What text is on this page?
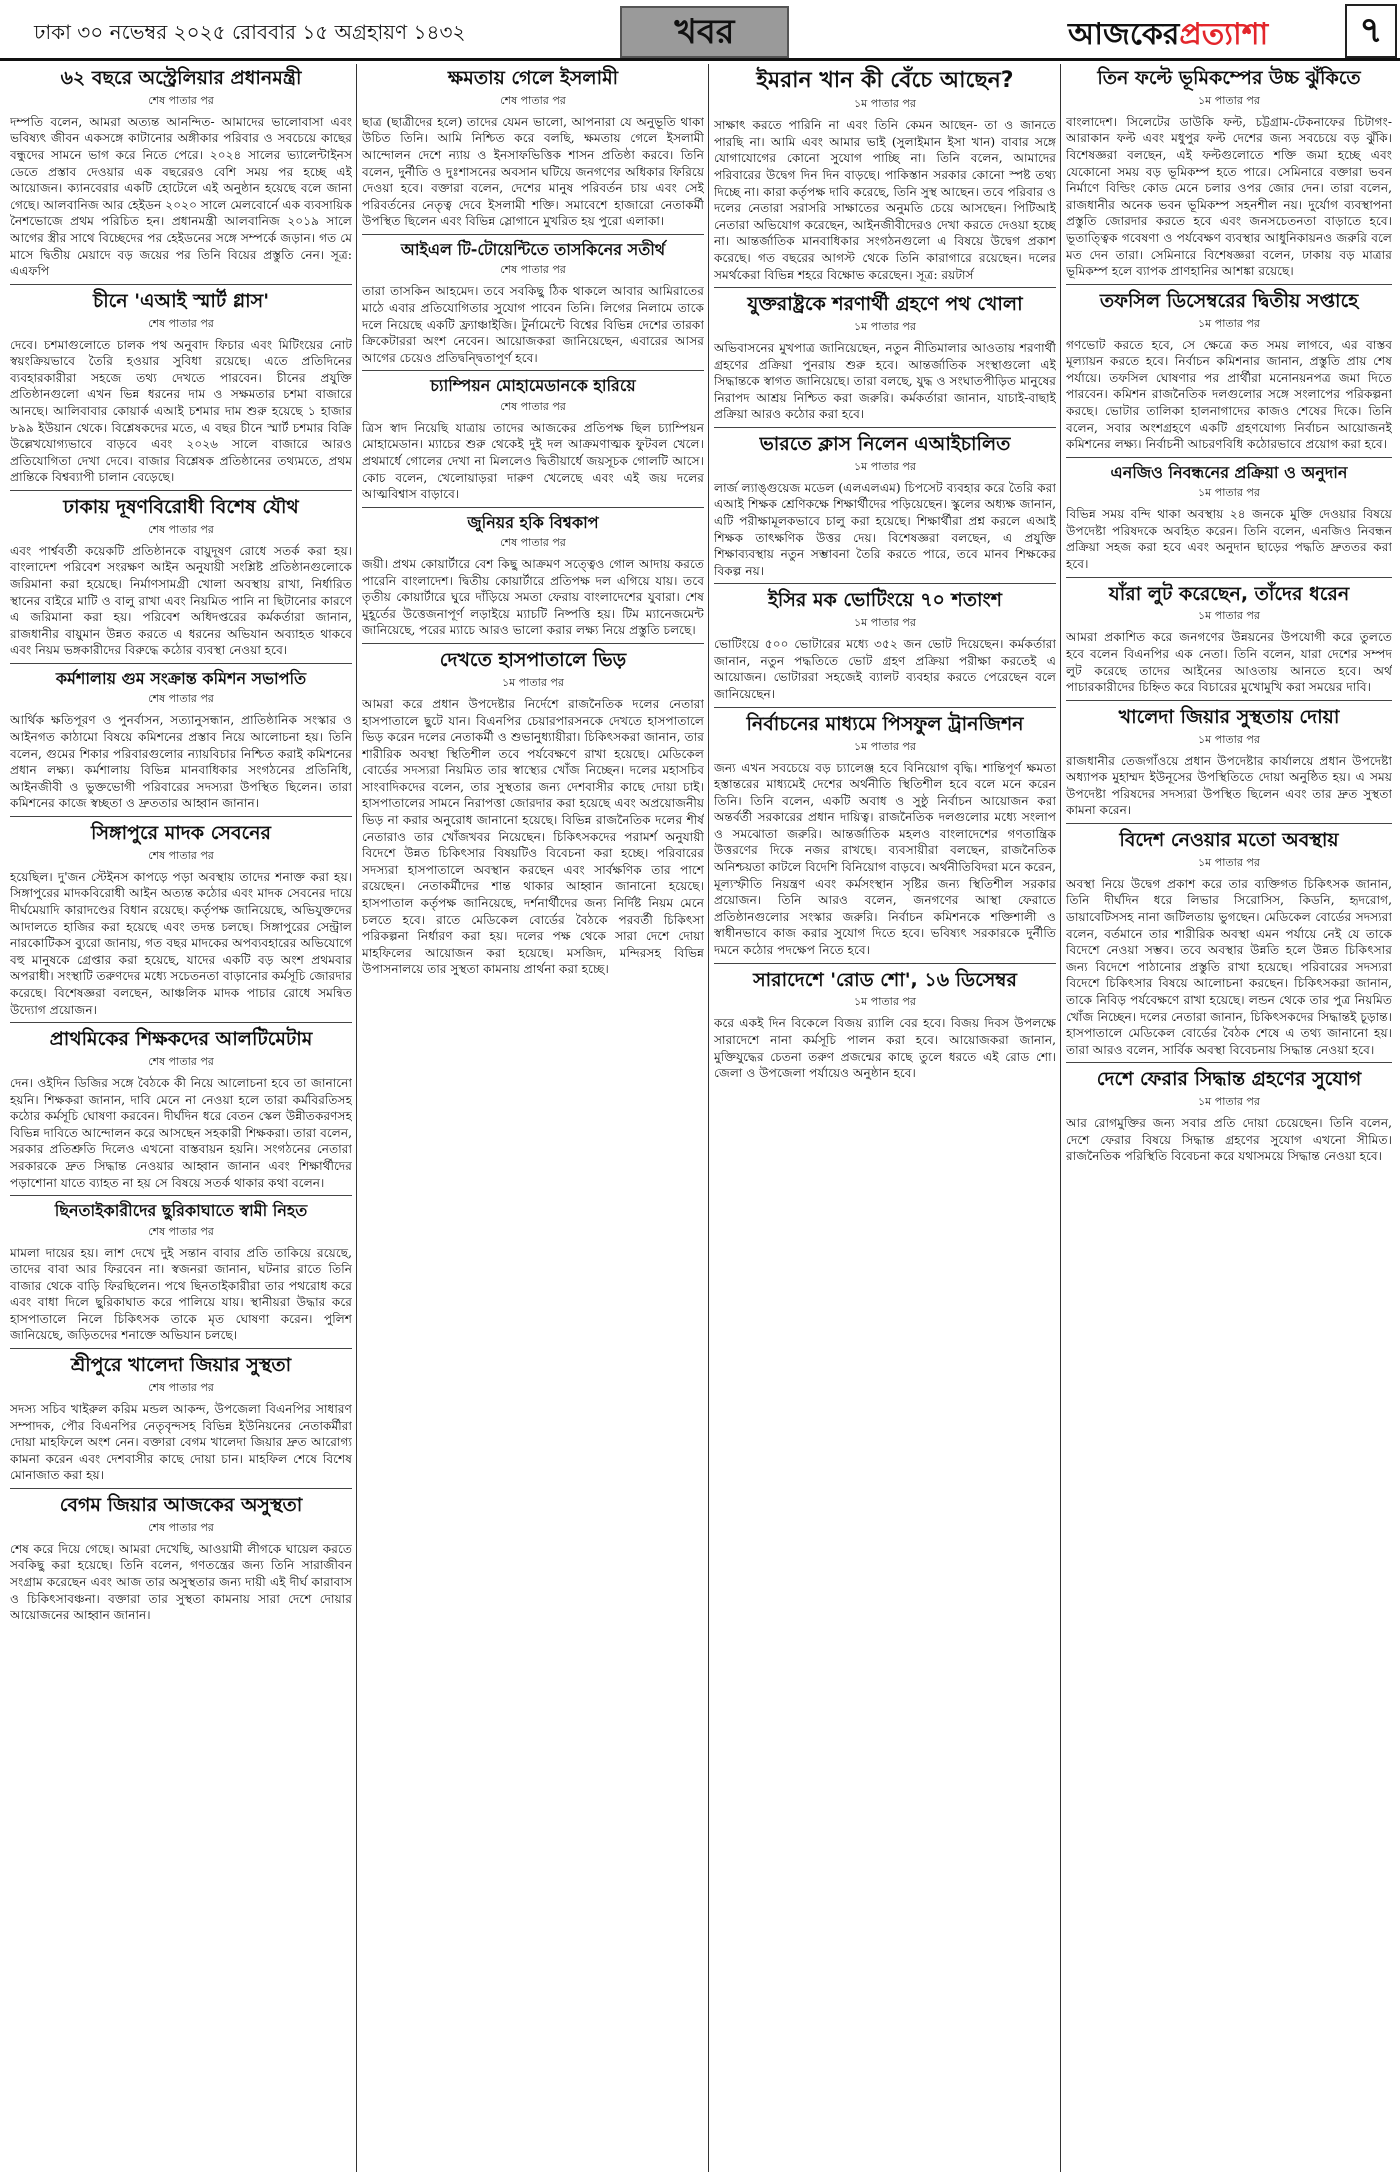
ঢাকা ৩০ নভেম্বর ২০২৫ রোববার ১৫ অগ্রহায়ণ ১৪৩২	খবর	আজকেরপ্রত্যাশা	৭
৬২ বছরে অস্ট্রেলিয়ার প্রধানমন্ত্রী
শেষ পাতার পর

দম্পতি বলেন, আমরা অত্যন্ত আনন্দিত- আমাদের ভালোবাসা এবং ভবিষ্যৎ জীবন একসঙ্গে কাটানোর অঙ্গীকার পরিবার ও সবচেয়ে কাছের বন্ধুদের সামনে ভাগ করে নিতে পেরে। ২০২৪ সালের ভ্যালেন্টাইনস ডেতে প্রস্তাব দেওয়ার এক বছরেরও বেশি সময় পর হচ্ছে এই আয়োজন। ক্যানবেরার একটি হোটেলে এই অনুষ্ঠান হয়েছে বলে জানা গেছে। আলবানিজ আর হেইডন ২০২০ সালে মেলবোর্নে এক ব্যবসায়িক নৈশভোজে প্রথম পরিচিত হন। প্রধানমন্ত্রী আলবানিজ ২০১৯ সালে আগের স্ত্রীর সাথে বিচ্ছেদের পর হেইডনের সঙ্গে সম্পর্কে জড়ান। গত মে মাসে দ্বিতীয় মেয়াদে বড় জয়ের পর তিনি বিয়ের প্রস্তুতি নেন। সূত্র: এএফপি

চীনে 'এআই স্মার্ট গ্লাস'
শেষ পাতার পর

দেবে। চশমাগুলোতে চালক পথ অনুবাদ ফিচার এবং মিটিংয়ের নোট স্বয়ংক্রিয়ভাবে তৈরি হওয়ার সুবিধা রয়েছে। এতে প্রতিদিনের ব্যবহারকারীরা সহজে তথ্য দেখতে পারবেন। চীনের প্রযুক্তি প্রতিষ্ঠানগুলো এখন ভিন্ন ধরনের দাম ও সক্ষমতার চশমা বাজারে আনছে। আলিবাবার কোয়ার্ক এআই চশমার দাম শুরু হয়েছে ১ হাজার ৮৯৯ ইউয়ান থেকে। বিশ্লেষকদের মতে, এ বছর চীনে স্মার্ট চশমার বিক্রি উল্লেখযোগ্যভাবে বাড়বে এবং ২০২৬ সালে বাজারে আরও প্রতিযোগিতা দেখা দেবে। বাজার বিশ্লেষক প্রতিষ্ঠানের তথ্যমতে, প্রথম প্রান্তিকে বিশ্বব্যাপী চালান বেড়েছে।

ঢাকায় দূষণবিরোধী বিশেষ যৌথ
শেষ পাতার পর

এবং পার্শ্ববর্তী কয়েকটি প্রতিষ্ঠানকে বায়ুদূষণ রোধে সতর্ক করা হয়। বাংলাদেশ পরিবেশ সংরক্ষণ আইন অনুযায়ী সংশ্লিষ্ট প্রতিষ্ঠানগুলোকে জরিমানা করা হয়েছে। নির্মাণসামগ্রী খোলা অবস্থায় রাখা, নির্ধারিত স্থানের বাইরে মাটি ও বালু রাখা এবং নিয়মিত পানি না ছিটানোর কারণে এ জরিমানা করা হয়। পরিবেশ অধিদপ্তরের কর্মকর্তারা জানান, রাজধানীর বায়ুমান উন্নত করতে এ ধরনের অভিযান অব্যাহত থাকবে এবং নিয়ম ভঙ্গকারীদের বিরুদ্ধে কঠোর ব্যবস্থা নেওয়া হবে।

কর্মশালায় গুম সংক্রান্ত কমিশন সভাপতি
শেষ পাতার পর

আর্থিক ক্ষতিপূরণ ও পুনর্বাসন, সত্যানুসন্ধান, প্রাতিষ্ঠানিক সংস্কার ও আইনগত কাঠামো বিষয়ে কমিশনের প্রস্তাব নিয়ে আলোচনা হয়। তিনি বলেন, গুমের শিকার পরিবারগুলোর ন্যায়বিচার নিশ্চিত করাই কমিশনের প্রধান লক্ষ্য। কর্মশালায় বিভিন্ন মানবাধিকার সংগঠনের প্রতিনিধি, আইনজীবী ও ভুক্তভোগী পরিবারের সদস্যরা উপস্থিত ছিলেন। তারা কমিশনের কাজে স্বচ্ছতা ও দ্রুততার আহ্বান জানান।

সিঙ্গাপুরে মাদক সেবনের
শেষ পাতার পর

হয়েছিল। দু'জন স্টেইনস কাপড়ে পড়া অবস্থায় তাদের শনাক্ত করা হয়। সিঙ্গাপুরের মাদকবিরোধী আইন অত্যন্ত কঠোর এবং মাদক সেবনের দায়ে দীর্ঘমেয়াদি কারাদণ্ডের বিধান রয়েছে। কর্তৃপক্ষ জানিয়েছে, অভিযুক্তদের আদালতে হাজির করা হয়েছে এবং তদন্ত চলছে। সিঙ্গাপুরের সেন্ট্রাল নারকোটিকস ব্যুরো জানায়, গত বছর মাদকের অপব্যবহারের অভিযোগে বহু মানুষকে গ্রেপ্তার করা হয়েছে, যাদের একটি বড় অংশ প্রথমবার অপরাধী। সংস্থাটি তরুণদের মধ্যে সচেতনতা বাড়ানোর কর্মসূচি জোরদার করেছে। বিশেষজ্ঞরা বলছেন, আঞ্চলিক মাদক পাচার রোধে সমন্বিত উদ্যোগ প্রয়োজন।

প্রাথমিকের শিক্ষকদের আলটিমেটাম
শেষ পাতার পর

দেন। ওইদিন ডিজির সঙ্গে বৈঠকে কী নিয়ে আলোচনা হবে তা জানানো হয়নি। শিক্ষকরা জানান, দাবি মেনে না নেওয়া হলে তারা কর্মবিরতিসহ কঠোর কর্মসূচি ঘোষণা করবেন। দীর্ঘদিন ধরে বেতন স্কেল উন্নীতকরণসহ বিভিন্ন দাবিতে আন্দোলন করে আসছেন সহকারী শিক্ষকরা। তারা বলেন, সরকার প্রতিশ্রুতি দিলেও এখনো বাস্তবায়ন হয়নি। সংগঠনের নেতারা সরকারকে দ্রুত সিদ্ধান্ত নেওয়ার আহ্বান জানান এবং শিক্ষার্থীদের পড়াশোনা যাতে ব্যাহত না হয় সে বিষয়ে সতর্ক থাকার কথা বলেন।

ছিনতাইকারীদের ছুরিকাঘাতে স্বামী নিহত
শেষ পাতার পর

মামলা দায়ের হয়। লাশ দেখে দুই সন্তান বাবার প্রতি তাকিয়ে রয়েছে, তাদের বাবা আর ফিরবেন না। স্বজনরা জানান, ঘটনার রাতে তিনি বাজার থেকে বাড়ি ফিরছিলেন। পথে ছিনতাইকারীরা তার পথরোধ করে এবং বাধা দিলে ছুরিকাঘাত করে পালিয়ে যায়। স্থানীয়রা উদ্ধার করে হাসপাতালে নিলে চিকিৎসক তাকে মৃত ঘোষণা করেন। পুলিশ জানিয়েছে, জড়িতদের শনাক্তে অভিযান চলছে।

শ্রীপুরে খালেদা জিয়ার সুস্থতা
শেষ পাতার পর

সদস্য সচিব খাইরুল করিম মন্ডল আকন্দ, উপজেলা বিএনপির সাধারণ সম্পাদক, পৌর বিএনপির নেতৃবৃন্দসহ বিভিন্ন ইউনিয়নের নেতাকর্মীরা দোয়া মাহফিলে অংশ নেন। বক্তারা বেগম খালেদা জিয়ার দ্রুত আরোগ্য কামনা করেন এবং দেশবাসীর কাছে দোয়া চান। মাহফিল শেষে বিশেষ মোনাজাত করা হয়।

বেগম জিয়ার আজকের অসুস্থতা
শেষ পাতার পর

শেষ করে দিয়ে গেছে। আমরা দেখেছি, আওয়ামী লীগকে ঘায়েল করতে সবকিছু করা হয়েছে। তিনি বলেন, গণতন্ত্রের জন্য তিনি সারাজীবন সংগ্রাম করেছেন এবং আজ তার অসুস্থতার জন্য দায়ী এই দীর্ঘ কারাবাস ও চিকিৎসাবঞ্চনা। বক্তারা তার সুস্থতা কামনায় সারা দেশে দোয়ার আয়োজনের আহ্বান জানান।

ক্ষমতায় গেলে ইসলামী
শেষ পাতার পর

ছাত্র (ছাত্রীদের হলে) তাদের যেমন ভালো, আপনারা যে অনুভূতি থাকা উচিত তিনি। আমি নিশ্চিত করে বলছি, ক্ষমতায় গেলে ইসলামী আন্দোলন দেশে ন্যায় ও ইনসাফভিত্তিক শাসন প্রতিষ্ঠা করবে। তিনি বলেন, দুর্নীতি ও দুঃশাসনের অবসান ঘটিয়ে জনগণের অধিকার ফিরিয়ে দেওয়া হবে। বক্তারা বলেন, দেশের মানুষ পরিবর্তন চায় এবং সেই পরিবর্তনের নেতৃত্ব দেবে ইসলামী শক্তি। সমাবেশে হাজারো নেতাকর্মী উপস্থিত ছিলেন এবং বিভিন্ন স্লোগানে মুখরিত হয় পুরো এলাকা।

আইএল টি-টোয়েন্টিতে তাসকিনের সতীর্থ
শেষ পাতার পর

তারা তাসকিন আহমেদ। তবে সবকিছু ঠিক থাকলে আবার আমিরাতের মাঠে এবার প্রতিযোগিতার সুযোগ পাবেন তিনি। লিগের নিলামে তাকে দলে নিয়েছে একটি ফ্র্যাঞ্চাইজি। টুর্নামেন্টে বিশ্বের বিভিন্ন দেশের তারকা ক্রিকেটাররা অংশ নেবেন। আয়োজকরা জানিয়েছেন, এবারের আসর আগের চেয়েও প্রতিদ্বন্দ্বিতাপূর্ণ হবে।

চ্যাম্পিয়ন মোহামেডানকে হারিয়ে
শেষ পাতার পর

ত্রিস স্বাদ নিয়েছি যাত্রায় তাদের আজকের প্রতিপক্ষ ছিল চ্যাম্পিয়ন মোহামেডান। ম্যাচের শুরু থেকেই দুই দল আক্রমণাত্মক ফুটবল খেলে। প্রথমার্ধে গোলের দেখা না মিললেও দ্বিতীয়ার্ধে জয়সূচক গোলটি আসে। কোচ বলেন, খেলোয়াড়রা দারুণ খেলেছে এবং এই জয় দলের আত্মবিশ্বাস বাড়াবে।

জুনিয়র হকি বিশ্বকাপ
শেষ পাতার পর

জয়ী। প্রথম কোয়ার্টারে বেশ কিছু আক্রমণ সত্ত্বেও গোল আদায় করতে পারেনি বাংলাদেশ। দ্বিতীয় কোয়ার্টারে প্রতিপক্ষ দল এগিয়ে যায়। তবে তৃতীয় কোয়ার্টারে ঘুরে দাঁড়িয়ে সমতা ফেরায় বাংলাদেশের যুবারা। শেষ মুহূর্তের উত্তেজনাপূর্ণ লড়াইয়ে ম্যাচটি নিষ্পত্তি হয়। টিম ম্যানেজমেন্ট জানিয়েছে, পরের ম্যাচে আরও ভালো করার লক্ষ্য নিয়ে প্রস্তুতি চলছে।

দেখতে হাসপাতালে ভিড়
১ম পাতার পর

আমরা করে প্রধান উপদেষ্টার নির্দেশে রাজনৈতিক দলের নেতারা হাসপাতালে ছুটে যান। বিএনপির চেয়ারপারসনকে দেখতে হাসপাতালে ভিড় করেন দলের নেতাকর্মী ও শুভানুধ্যায়ীরা। চিকিৎসকরা জানান, তার শারীরিক অবস্থা স্থিতিশীল তবে পর্যবেক্ষণে রাখা হয়েছে। মেডিকেল বোর্ডের সদস্যরা নিয়মিত তার স্বাস্থ্যের খোঁজ নিচ্ছেন। দলের মহাসচিব সাংবাদিকদের বলেন, তার সুস্থতার জন্য দেশবাসীর কাছে দোয়া চাই। হাসপাতালের সামনে নিরাপত্তা জোরদার করা হয়েছে এবং অপ্রয়োজনীয় ভিড় না করার অনুরোধ জানানো হয়েছে। বিভিন্ন রাজনৈতিক দলের শীর্ষ নেতারাও তার খোঁজখবর নিয়েছেন। চিকিৎসকদের পরামর্শ অনুযায়ী বিদেশে উন্নত চিকিৎসার বিষয়টিও বিবেচনা করা হচ্ছে। পরিবারের সদস্যরা হাসপাতালে অবস্থান করছেন এবং সার্বক্ষণিক তার পাশে রয়েছেন। নেতাকর্মীদের শান্ত থাকার আহ্বান জানানো হয়েছে। হাসপাতাল কর্তৃপক্ষ জানিয়েছে, দর্শনার্থীদের জন্য নির্দিষ্ট নিয়ম মেনে চলতে হবে। রাতে মেডিকেল বোর্ডের বৈঠকে পরবর্তী চিকিৎসা পরিকল্পনা নির্ধারণ করা হয়। দলের পক্ষ থেকে সারা দেশে দোয়া মাহফিলের আয়োজন করা হয়েছে। মসজিদ, মন্দিরসহ বিভিন্ন উপাসনালয়ে তার সুস্থতা কামনায় প্রার্থনা করা হচ্ছে।

ইমরান খান কী বেঁচে আছেন?
১ম পাতার পর

সাক্ষাৎ করতে পারিনি না এবং তিনি কেমন আছেন- তা ও জানতে পারছি না। আমি এবং আমার ভাই (সুলাইমান ইসা খান) বাবার সঙ্গে যোগাযোগের কোনো সুযোগ পাচ্ছি না। তিনি বলেন, আমাদের পরিবারের উদ্বেগ দিন দিন বাড়ছে। পাকিস্তান সরকার কোনো স্পষ্ট তথ্য দিচ্ছে না। কারা কর্তৃপক্ষ দাবি করেছে, তিনি সুস্থ আছেন। তবে পরিবার ও দলের নেতারা সরাসরি সাক্ষাতের অনুমতি চেয়ে আসছেন। পিটিআই নেতারা অভিযোগ করেছেন, আইনজীবীদেরও দেখা করতে দেওয়া হচ্ছে না। আন্তর্জাতিক মানবাধিকার সংগঠনগুলো এ বিষয়ে উদ্বেগ প্রকাশ করেছে। গত বছরের আগস্ট থেকে তিনি কারাগারে রয়েছেন। দলের সমর্থকেরা বিভিন্ন শহরে বিক্ষোভ করেছেন। সূত্র: রয়টার্স

যুক্তরাষ্ট্রকে শরণার্থী গ্রহণে পথ খোলা
১ম পাতার পর

অভিবাসনের মুখপাত্র জানিয়েছেন, নতুন নীতিমালার আওতায় শরণার্থী গ্রহণের প্রক্রিয়া পুনরায় শুরু হবে। আন্তর্জাতিক সংস্থাগুলো এই সিদ্ধান্তকে স্বাগত জানিয়েছে। তারা বলছে, যুদ্ধ ও সংঘাতপীড়িত মানুষের নিরাপদ আশ্রয় নিশ্চিত করা জরুরি। কর্মকর্তারা জানান, যাচাই-বাছাই প্রক্রিয়া আরও কঠোর করা হবে।

ভারতে ক্লাস নিলেন এআইচালিত
১ম পাতার পর

লার্জ ল্যাঙ্গুয়েজ মডেল (এলএলএম) চিপসেট ব্যবহার করে তৈরি করা এআই শিক্ষক শ্রেণিকক্ষে শিক্ষার্থীদের পড়িয়েছেন। স্কুলের অধ্যক্ষ জানান, এটি পরীক্ষামূলকভাবে চালু করা হয়েছে। শিক্ষার্থীরা প্রশ্ন করলে এআই শিক্ষক তাৎক্ষণিক উত্তর দেয়। বিশেষজ্ঞরা বলছেন, এ প্রযুক্তি শিক্ষাব্যবস্থায় নতুন সম্ভাবনা তৈরি করতে পারে, তবে মানব শিক্ষকের বিকল্প নয়।

ইসির মক ভোটিংয়ে ৭০ শতাংশ
১ম পাতার পর

ভোটিংয়ে ৫০০ ভোটারের মধ্যে ৩৫২ জন ভোট দিয়েছেন। কর্মকর্তারা জানান, নতুন পদ্ধতিতে ভোট গ্রহণ প্রক্রিয়া পরীক্ষা করতেই এ আয়োজন। ভোটাররা সহজেই ব্যালট ব্যবহার করতে পেরেছেন বলে জানিয়েছেন।

নির্বাচনের মাধ্যমে পিসফুল ট্রানজিশন
১ম পাতার পর

জন্য এখন সবচেয়ে বড় চ্যালেঞ্জ হবে বিনিয়োগ বৃদ্ধি। শান্তিপূর্ণ ক্ষমতা হস্তান্তরের মাধ্যমেই দেশের অর্থনীতি স্থিতিশীল হবে বলে মনে করেন তিনি। তিনি বলেন, একটি অবাধ ও সুষ্ঠু নির্বাচন আয়োজন করা অন্তর্বর্তী সরকারের প্রধান দায়িত্ব। রাজনৈতিক দলগুলোর মধ্যে সংলাপ ও সমঝোতা জরুরি। আন্তর্জাতিক মহলও বাংলাদেশের গণতান্ত্রিক উত্তরণের দিকে নজর রাখছে। ব্যবসায়ীরা বলছেন, রাজনৈতিক অনিশ্চয়তা কাটলে বিদেশি বিনিয়োগ বাড়বে। অর্থনীতিবিদরা মনে করেন, মূল্যস্ফীতি নিয়ন্ত্রণ এবং কর্মসংস্থান সৃষ্টির জন্য স্থিতিশীল সরকার প্রয়োজন। তিনি আরও বলেন, জনগণের আস্থা ফেরাতে প্রতিষ্ঠানগুলোর সংস্কার জরুরি। নির্বাচন কমিশনকে শক্তিশালী ও স্বাধীনভাবে কাজ করার সুযোগ দিতে হবে। ভবিষ্যৎ সরকারকে দুর্নীতি দমনে কঠোর পদক্ষেপ নিতে হবে।

সারাদেশে 'রোড শো', ১৬ ডিসেম্বর
১ম পাতার পর

করে একই দিন বিকেলে বিজয় র‍্যালি বের হবে। বিজয় দিবস উপলক্ষে সারাদেশে নানা কর্মসূচি পালন করা হবে। আয়োজকরা জানান, মুক্তিযুদ্ধের চেতনা তরুণ প্রজন্মের কাছে তুলে ধরতে এই রোড শো। জেলা ও উপজেলা পর্যায়েও অনুষ্ঠান হবে।

তিন ফল্টে ভূমিকম্পের উচ্চ ঝুঁকিতে
১ম পাতার পর

বাংলাদেশ। সিলেটের ডাউকি ফল্ট, চট্টগ্রাম-টেকনাফের চিটাগং-আরাকান ফল্ট এবং মধুপুর ফল্ট দেশের জন্য সবচেয়ে বড় ঝুঁকি। বিশেষজ্ঞরা বলছেন, এই ফল্টগুলোতে শক্তি জমা হচ্ছে এবং যেকোনো সময় বড় ভূমিকম্প হতে পারে। সেমিনারে বক্তারা ভবন নির্মাণে বিল্ডিং কোড মেনে চলার ওপর জোর দেন। তারা বলেন, রাজধানীর অনেক ভবন ভূমিকম্প সহনশীল নয়। দুর্যোগ ব্যবস্থাপনা প্রস্তুতি জোরদার করতে হবে এবং জনসচেতনতা বাড়াতে হবে। ভূতাত্ত্বিক গবেষণা ও পর্যবেক্ষণ ব্যবস্থার আধুনিকায়নও জরুরি বলে মত দেন তারা। সেমিনারে বিশেষজ্ঞরা বলেন, ঢাকায় বড় মাত্রার ভূমিকম্প হলে ব্যাপক প্রাণহানির আশঙ্কা রয়েছে।

তফসিল ডিসেম্বরের দ্বিতীয় সপ্তাহে
১ম পাতার পর

গণভোট করতে হবে, সে ক্ষেত্রে কত সময় লাগবে, এর বাস্তব মূল্যায়ন করতে হবে। নির্বাচন কমিশনার জানান, প্রস্তুতি প্রায় শেষ পর্যায়ে। তফসিল ঘোষণার পর প্রার্থীরা মনোনয়নপত্র জমা দিতে পারবেন। কমিশন রাজনৈতিক দলগুলোর সঙ্গে সংলাপের পরিকল্পনা করছে। ভোটার তালিকা হালনাগাদের কাজও শেষের দিকে। তিনি বলেন, সবার অংশগ্রহণে একটি গ্রহণযোগ্য নির্বাচন আয়োজনই কমিশনের লক্ষ্য। নির্বাচনী আচরণবিধি কঠোরভাবে প্রয়োগ করা হবে।

এনজিও নিবন্ধনের প্রক্রিয়া ও অনুদান
১ম পাতার পর

বিভিন্ন সময় বন্দি থাকা অবস্থায় ২৪ জনকে মুক্তি দেওয়ার বিষয়ে উপদেষ্টা পরিষদকে অবহিত করেন। তিনি বলেন, এনজিও নিবন্ধন প্রক্রিয়া সহজ করা হবে এবং অনুদান ছাড়ের পদ্ধতি দ্রুততর করা হবে।

যাঁরা লুট করেছেন, তাঁদের ধরেন
১ম পাতার পর

আমরা প্রকাশিত করে জনগণের উন্নয়নের উপযোগী করে তুলতে হবে বলেন বিএনপির এক নেতা। তিনি বলেন, যারা দেশের সম্পদ লুট করেছে তাদের আইনের আওতায় আনতে হবে। অর্থ পাচারকারীদের চিহ্নিত করে বিচারের মুখোমুখি করা সময়ের দাবি।

খালেদা জিয়ার সুস্থতায় দোয়া
১ম পাতার পর

রাজধানীর তেজগাঁওয়ে প্রধান উপদেষ্টার কার্যালয়ে প্রধান উপদেষ্টা অধ্যাপক মুহাম্মদ ইউনূসের উপস্থিতিতে দোয়া অনুষ্ঠিত হয়। এ সময় উপদেষ্টা পরিষদের সদস্যরা উপস্থিত ছিলেন এবং তার দ্রুত সুস্থতা কামনা করেন।

বিদেশ নেওয়ার মতো অবস্থায়
১ম পাতার পর

অবস্থা নিয়ে উদ্বেগ প্রকাশ করে তার ব্যক্তিগত চিকিৎসক জানান, তিনি দীর্ঘদিন ধরে লিভার সিরোসিস, কিডনি, হৃদরোগ, ডায়াবেটিসসহ নানা জটিলতায় ভুগছেন। মেডিকেল বোর্ডের সদস্যরা বলেন, বর্তমানে তার শারীরিক অবস্থা এমন পর্যায়ে নেই যে তাকে বিদেশে নেওয়া সম্ভব। তবে অবস্থার উন্নতি হলে উন্নত চিকিৎসার জন্য বিদেশে পাঠানোর প্রস্তুতি রাখা হয়েছে। পরিবারের সদস্যরা বিদেশে চিকিৎসার বিষয়ে আলোচনা করছেন। চিকিৎসকরা জানান, তাকে নিবিড় পর্যবেক্ষণে রাখা হয়েছে। লন্ডন থেকে তার পুত্র নিয়মিত খোঁজ নিচ্ছেন। দলের নেতারা জানান, চিকিৎসকদের সিদ্ধান্তই চূড়ান্ত। হাসপাতালে মেডিকেল বোর্ডের বৈঠক শেষে এ তথ্য জানানো হয়। তারা আরও বলেন, সার্বিক অবস্থা বিবেচনায় সিদ্ধান্ত নেওয়া হবে।

দেশে ফেরার সিদ্ধান্ত গ্রহণের সুযোগ
১ম পাতার পর

আর রোগমুক্তির জন্য সবার প্রতি দোয়া চেয়েছেন। তিনি বলেন, দেশে ফেরার বিষয়ে সিদ্ধান্ত গ্রহণের সুযোগ এখনো সীমিত। রাজনৈতিক পরিস্থিতি বিবেচনা করে যথাসময়ে সিদ্ধান্ত নেওয়া হবে।
